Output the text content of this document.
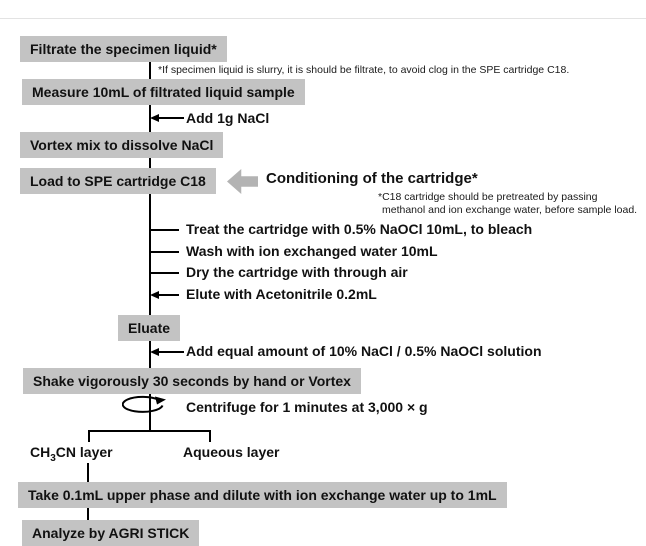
Filtrate the specimen liquid*
Measure 10mL of filtrated liquid sample
Vortex mix to dissolve NaCl
Load to SPE cartridge C18
Eluate
Shake vigorously 30 seconds by hand or Vortex
Take 0.1mL upper phase and dilute with ion exchange water up to 1mL
Analyze by AGRI STICK
*If specimen liquid is slurry, it is should be filtrate, to avoid clog in the SPE cartridge C18.
Add 1g NaCl
Conditioning of the cartridge*
*C18 cartridge should be pretreated by passing
methanol and ion exchange water, before sample load.
Treat the cartridge with 0.5% NaOCl 10mL, to bleach
Wash with ion exchanged water 10mL
Dry the cartridge with through air
Elute with Acetonitrile 0.2mL
Add equal amount of 10% NaCl / 0.5% NaOCl solution
Centrifuge for 1 minutes at 3,000 × g
$CH_3CN$ layer	Aqueous layer
